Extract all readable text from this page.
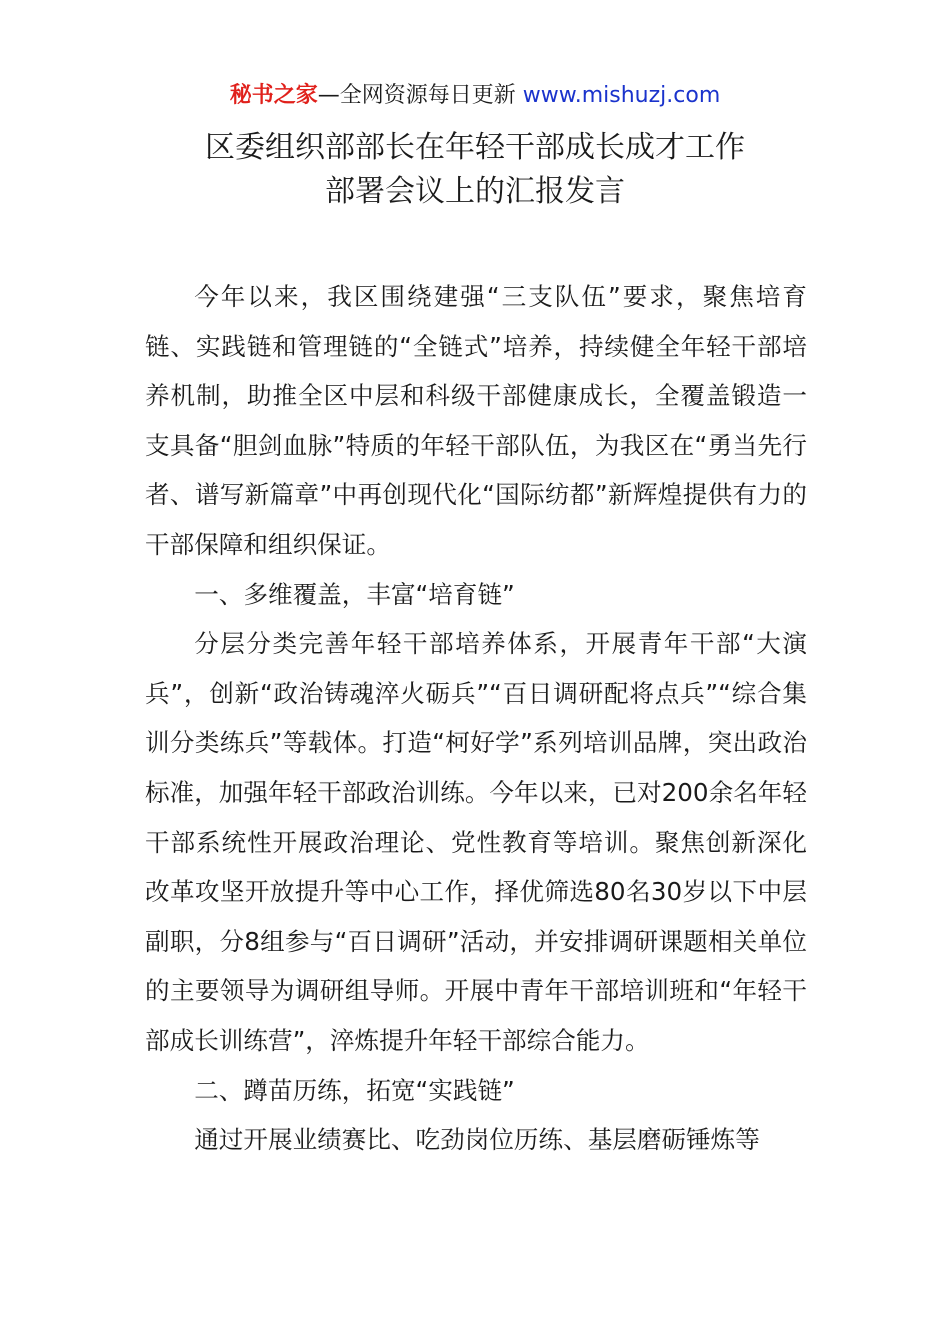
秘书之家—全网资源每日更新 www.mishuzj.com
区委组织部部长在年轻干部成长成才工作
部署会议上的汇报发言

今年以来，我区围绕建强“三支队伍”要求，聚焦培育链、实践链和管理链的“全链式”培养，持续健全年轻干部培养机制，助推全区中层和科级干部健康成长，全覆盖锻造一支具备“胆剑血脉”特质的年轻干部队伍，为我区在“勇当先行者、谱写新篇章”中再创现代化“国际纺都”新辉煌提供有力的干部保障和组织保证。

一、多维覆盖，丰富“培育链”

分层分类完善年轻干部培养体系，开展青年干部“大演兵”，创新“政治铸魂淬火砺兵”“百日调研配将点兵”“综合集训分类练兵”等载体。打造“柯好学”系列培训品牌，突出政治标准，加强年轻干部政治训练。今年以来，已对200余名年轻干部系统性开展政治理论、党性教育等培训。聚焦创新深化改革攻坚开放提升等中心工作，择优筛选80名30岁以下中层副职，分8组参与“百日调研”活动，并安排调研课题相关单位的主要领导为调研组导师。开展中青年干部培训班和“年轻干部成长训练营”，淬炼提升年轻干部综合能力。

二、蹲苗历练，拓宽“实践链”

通过开展业绩赛比、吃劲岗位历练、基层磨砺锤炼等
